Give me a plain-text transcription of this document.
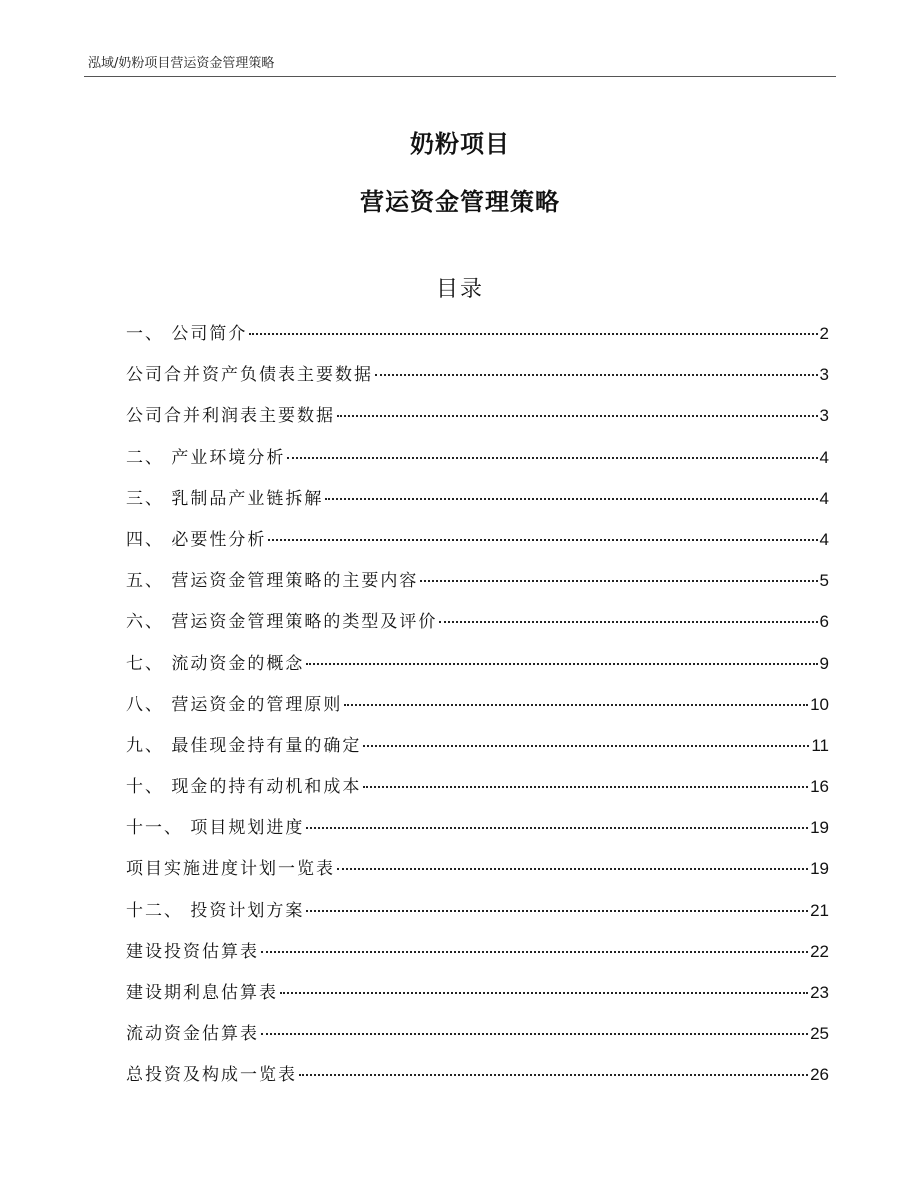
泓域/奶粉项目营运资金管理策略
奶粉项目
营运资金管理策略
目录
一、 公司简介	2
公司合并资产负债表主要数据	3
公司合并利润表主要数据	3
二、 产业环境分析	4
三、 乳制品产业链拆解	4
四、 必要性分析	4
五、 营运资金管理策略的主要内容	5
六、 营运资金管理策略的类型及评价	6
七、 流动资金的概念	9
八、 营运资金的管理原则	10
九、 最佳现金持有量的确定	11
十、 现金的持有动机和成本	16
十一、 项目规划进度	19
项目实施进度计划一览表	19
十二、 投资计划方案	21
建设投资估算表	22
建设期利息估算表	23
流动资金估算表	25
总投资及构成一览表	26
